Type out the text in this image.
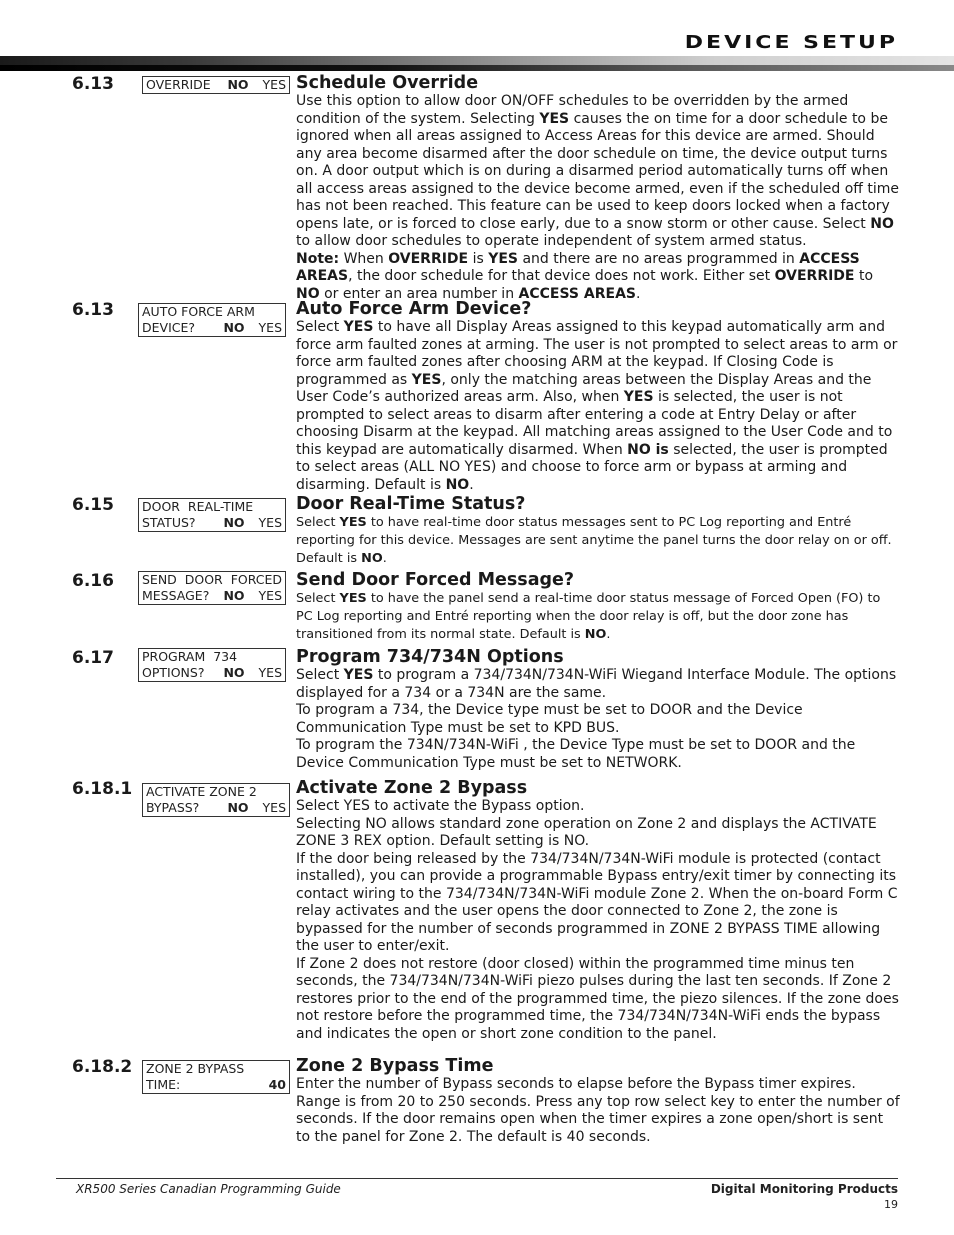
DEVICE SETUP
6.13	OVERRIDE NO YES Schedule Override

Use this option to allow door ON/OFF schedules to be overridden by the armed condition of the system. Selecting YES causes the on time for a door schedule to be ignored when all areas assigned to Access Areas for this device are armed. Should any area become disarmed after the door schedule on time, the device output turns on. A door output which is on during a disarmed period automatically turns off when all access areas assigned to the device become armed, even if the scheduled off time has not been reached. This feature can be used to keep doors locked when a factory opens late, or is forced to close early, due to a snow storm or other cause. Select NO to allow door schedules to operate independent of system armed status.

Note: When OVERRIDE is YES and there are no areas programmed in ACCESS AREAS, the door schedule for that device does not work. Either set OVERRIDE to NO or enter an area number in ACCESS AREAS.

6.13 AUTO FORCE ARM
DEVICE? NO YES
Auto Force Arm Device?

Select YES to have all Display Areas assigned to this keypad automatically arm and force arm faulted zones at arming. The user is not prompted to select areas to arm or force arm faulted zones after choosing ARM at the keypad. If Closing Code is programmed as YES, only the matching areas between the Display Areas and the User Code’s authorized areas arm. Also, when YES is selected, the user is not prompted to select areas to disarm after entering a code at Entry Delay or after choosing Disarm at the keypad. All matching areas assigned to the User Code and to this keypad are automatically disarmed. When NO is selected, the user is prompted to select areas (ALL NO YES) and choose to force arm or bypass at arming and disarming. Default is NO.

6.15 DOOR  REAL-TIME
STATUS? NO YES
Door Real-Time Status?

Select YES to have real-time door status messages sent to PC Log reporting and Entré reporting for this device. Messages are sent anytime the panel turns the door relay on or off. Default is NO.

6.16 SEND  DOOR  FORCED
MESSAGE? NO YES
Send Door Forced Message?

Select YES to have the panel send a real-time door status message of Forced Open (FO) to PC Log reporting and Entré reporting when the door relay is off, but the door zone has transitioned from its normal state. Default is NO.

6.17 PROGRAM  734
OPTIONS? NO YES
Program 734/734N Options

Select YES to program a 734/734N/734N-WiFi Wiegand Interface Module. The options displayed for a 734 or a 734N are the same.

To program a 734, the Device type must be set to DOOR and the Device Communication Type must be set to KPD BUS.

To program the 734N/734N-WiFi , the Device Type must be set to DOOR and the Device Communication Type must be set to NETWORK.

6.18.1 ACTIVATE ZONE 2
BYPASS? NO YES
Activate Zone 2 Bypass

Select YES to activate the Bypass option.

Selecting NO allows standard zone operation on Zone 2 and displays the ACTIVATE ZONE 3 REX option. Default setting is NO.

If the door being released by the 734/734N/734N-WiFi module is protected (contact installed), you can provide a programmable Bypass entry/exit timer by connecting its contact wiring to the 734/734N/734N-WiFi module Zone 2. When the on-board Form C relay activates and the user opens the door connected to Zone 2, the zone is bypassed for the number of seconds programmed in ZONE 2 BYPASS TIME allowing the user to enter/exit.

If Zone 2 does not restore (door closed) within the programmed time minus ten seconds, the 734/734N/734N-WiFi piezo pulses during the last ten seconds. If Zone 2 restores prior to the end of the programmed time, the piezo silences. If the zone does not restore before the programmed time, the 734/734N/734N-WiFi ends the bypass and indicates the open or short zone condition to the panel.

6.18.2 ZONE 2 BYPASS
TIME:	40
Zone 2 Bypass Time

Enter the number of Bypass seconds to elapse before the Bypass timer expires. Range is from 20 to 250 seconds. Press any top row select key to enter the number of seconds. If the door remains open when the timer expires a zone open/short is sent to the panel for Zone 2. The default is 40 seconds.

XR500 Series Canadian Programming Guide	Digital Monitoring Products
19
